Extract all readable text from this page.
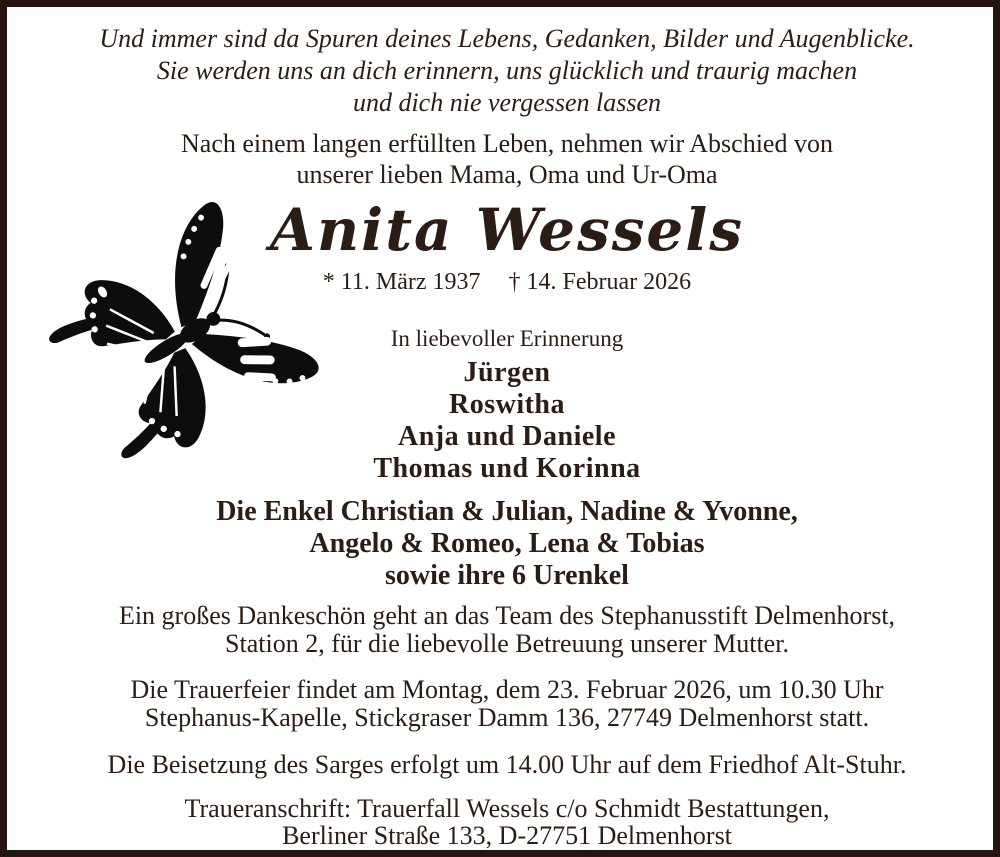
Und immer sind da Spuren deines Lebens, Gedanken, Bilder und Augenblicke.
Sie werden uns an dich erinnern, uns glücklich und traurig machen
und dich nie vergessen lassen
Nach einem langen erfüllten Leben, nehmen wir Abschied von
unserer lieben Mama, Oma und Ur-Oma
Anita Wessels
* 11. März 1937 † 14. Februar 2026
In liebevoller Erinnerung
Jürgen
Roswitha
Anja und Daniele
Thomas und Korinna
Die Enkel Christian & Julian, Nadine & Yvonne,
Angelo & Romeo, Lena & Tobias
sowie ihre 6 Urenkel
Ein großes Dankeschön geht an das Team des Stephanusstift Delmenhorst,
Station 2, für die liebevolle Betreuung unserer Mutter.
Die Trauerfeier findet am Montag, dem 23. Februar 2026, um 10.30 Uhr
Stephanus-Kapelle, Stickgraser Damm 136, 27749 Delmenhorst statt.
Die Beisetzung des Sarges erfolgt um 14.00 Uhr auf dem Friedhof Alt-Stuhr.
Traueranschrift: Trauerfall Wessels c/o Schmidt Bestattungen,
Berliner Straße 133, D-27751 Delmenhorst
